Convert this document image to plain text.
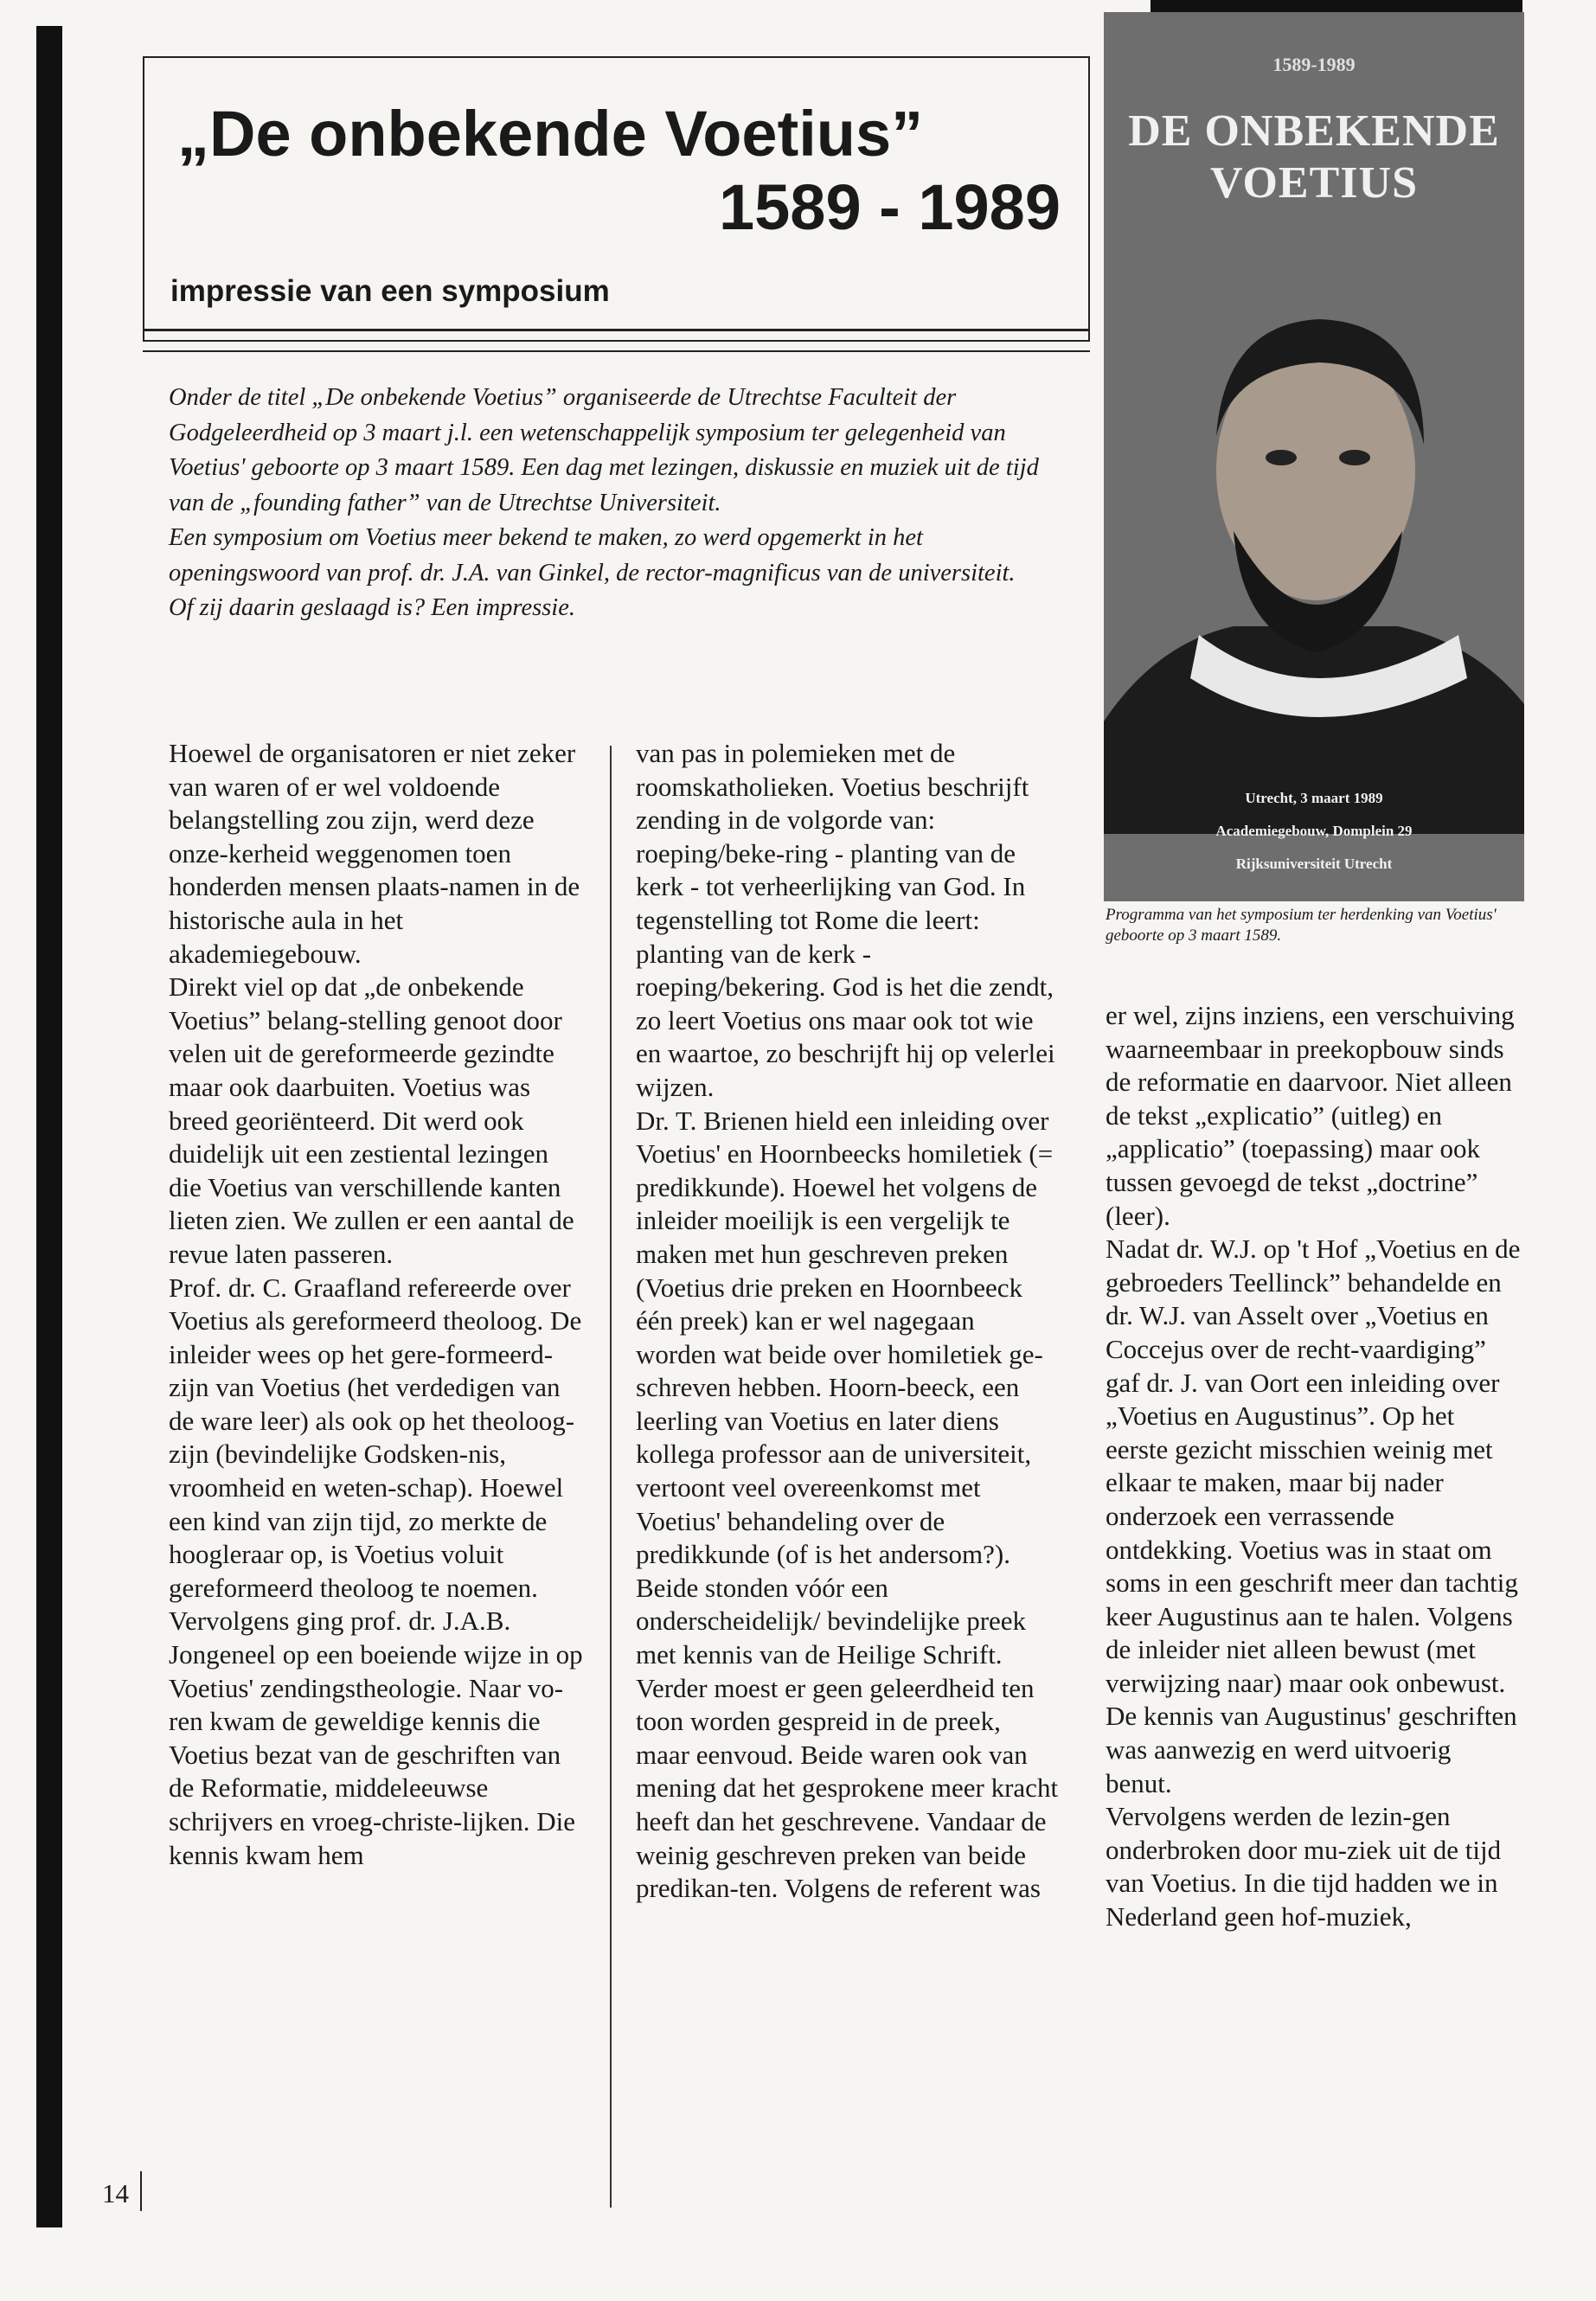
„De onbekende Voetius”
1589 - 1989
impressie van een symposium

Onder de titel „De onbekende Voetius” organiseerde de Utrechtse Faculteit der Godgeleerdheid op 3 maart j.l. een wetenschappelijk symposium ter gelegenheid van Voetius' geboorte op 3 maart 1589. Een dag met lezingen, diskussie en muziek uit de tijd van de „founding father” van de Utrechtse Universiteit.

Een symposium om Voetius meer bekend te maken, zo werd opgemerkt in het openingswoord van prof. dr. J.A. van Ginkel, de rector-magnificus van de universiteit. Of zij daarin geslaagd is? Een impressie.

Hoewel de organisatoren er niet zeker van waren of er wel voldoende belangstelling zou zijn, werd deze onze-kerheid weggenomen toen honderden mensen plaats-namen in de historische aula in het akademiegebouw.

Direkt viel op dat „de onbekende Voetius” belang-stelling genoot door velen uit de gereformeerde gezindte maar ook daarbuiten. Voetius was breed georiënteerd. Dit werd ook duidelijk uit een zestiental lezingen die Voetius van verschillende kanten lieten zien. We zullen er een aantal de revue laten passeren.

Prof. dr. C. Graafland refereerde over Voetius als gereformeerd theoloog. De inleider wees op het gere-formeerd-zijn van Voetius (het verdedigen van de ware leer) als ook op het theoloog-zijn (bevindelijke Godsken-nis, vroomheid en weten-schap). Hoewel een kind van zijn tijd, zo merkte de hoogleraar op, is Voetius voluit gereformeerd theoloog te noemen.

Vervolgens ging prof. dr. J.A.B. Jongeneel op een boeiende wijze in op Voetius' zendingstheologie. Naar vo-ren kwam de geweldige kennis die Voetius bezat van de geschriften van de Reformatie, middeleeuwse schrijvers en vroeg-christe-lijken. Die kennis kwam hem

van pas in polemieken met de roomskatholieken. Voetius beschrijft zending in de volgorde van: roeping/beke-ring - planting van de kerk - tot verheerlijking van God. In tegenstelling tot Rome die leert: planting van de kerk - roeping/bekering. God is het die zendt, zo leert Voetius ons maar ook tot wie en waartoe, zo beschrijft hij op velerlei wijzen.

Dr. T. Brienen hield een inleiding over Voetius' en Hoornbeecks homiletiek (= predikkunde). Hoewel het volgens de inleider moeilijk is een vergelijk te maken met hun geschreven preken (Voetius drie preken en Hoornbeeck één preek) kan er wel nagegaan worden wat beide over homiletiek ge-schreven hebben. Hoorn-beeck, een leerling van Voetius en later diens kollega professor aan de universiteit, vertoont veel overeenkomst met Voetius' behandeling over de predikkunde (of is het andersom?). Beide stonden vóór een onderscheidelijk/ bevindelijke preek met kennis van de Heilige Schrift. Verder moest er geen geleerdheid ten toon worden gespreid in de preek, maar eenvoud. Beide waren ook van mening dat het gesprokene meer kracht heeft dan het geschrevene. Vandaar de weinig geschreven preken van beide predikan-ten. Volgens de referent was

1589-1989
DE ONBEKENDE
VOETIUS
Utrecht, 3 maart 1989
Academiegebouw, Domplein 29
Rijksuniversiteit Utrecht
Programma van het symposium ter herdenking van Voetius' geboorte op 3 maart 1589.

er wel, zijns inziens, een verschuiving waarneembaar in preekopbouw sinds de reformatie en daarvoor. Niet alleen de tekst „explicatio” (uitleg) en „applicatio” (toepassing) maar ook tussen gevoegd de tekst „doctrine” (leer).

Nadat dr. W.J. op 't Hof „Voetius en de gebroeders Teellinck” behandelde en dr. W.J. van Asselt over „Voetius en Coccejus over de recht-vaardiging” gaf dr. J. van Oort een inleiding over „Voetius en Augustinus”. Op het eerste gezicht misschien weinig met elkaar te maken, maar bij nader onderzoek een verrassende ontdekking. Voetius was in staat om soms in een geschrift meer dan tachtig keer Augustinus aan te halen. Volgens de inleider niet alleen bewust (met verwijzing naar) maar ook onbewust. De kennis van Augustinus' geschriften was aanwezig en werd uitvoerig benut.

Vervolgens werden de lezin-gen onderbroken door mu-ziek uit de tijd van Voetius. In die tijd hadden we in Nederland geen hof-muziek,

14
